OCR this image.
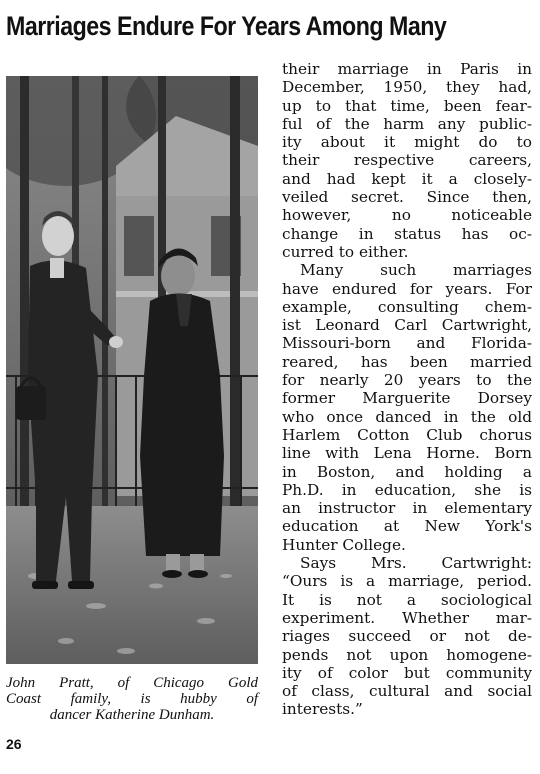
Marriages Endure For Years Among Many

John Pratt, of Chicago Gold
Coast family, is hubby of
dancer Katherine Dunham.

their marriage in Paris in
December, 1950, they had,
up to that time, been fear-
ful of the harm any public-
ity about it might do to
their respective careers,
and had kept it a closely-
veiled secret. Since then,
however, no noticeable
change in status has oc-
curred to either.

Many such marriages
have endured for years. For
example, consulting chem-
ist Leonard Carl Cartwright,
Missouri-born and Florida-
reared, has been married
for nearly 20 years to the
former Marguerite Dorsey
who once danced in the old
Harlem Cotton Club chorus
line with Lena Horne. Born
in Boston, and holding a
Ph.D. in education, she is
an instructor in elementary
education at New York's
Hunter College.

Says Mrs. Cartwright:
“Ours is a marriage, period.
It is not a sociological
experiment. Whether mar-
riages succeed or not de-
pends not upon homogene-
ity of color but community
of class, cultural and social
interests.”

26
